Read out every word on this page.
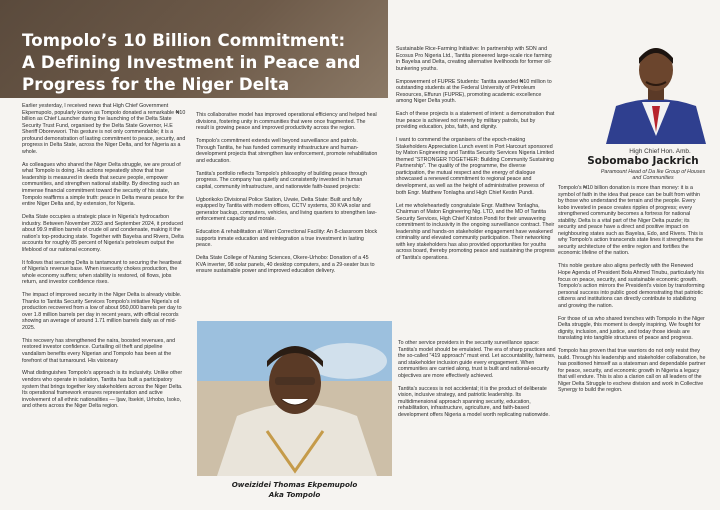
Tompolo’s 10 Billion Commitment:
A Defining Investment in Peace and
Progress for the Niger Delta

Earlier yesterday, I received news that High Chief Government Ekpemupolo, popularly known as Tompolo donated a remarkable ₦10 billion as Chief Launcher during the launching of the Delta State Security Trust Fund, organised by the Delta State Governor, H.E Sheriff Oborevwori. This gesture is not only commendable; it is a profound demonstration of lasting commitment to peace, security, and progress in Delta State, across the Niger Delta, and for Nigeria as a whole.

As colleagues who shared the Niger Delta struggle, we are proud of what Tompolo is doing. His actions repeatedly show that true leadership is measured in deeds that secure people, empower communities, and strengthen national stability. By directing such an immense financial commitment toward the security of his state, Tompolo reaffirms a simple truth: peace in Delta means peace for the entire Niger Delta and, by extension, for Nigeria.

Delta State occupies a strategic place in Nigeria's hydrocarbon industry. Between November 2023 and September 2024, it produced about 99.9 million barrels of crude oil and condensate, making it the nation's top-producing state. Together with Bayelsa and Rivers, Delta accounts for roughly 85 percent of Nigeria's petroleum output the lifeblood of our national economy.

It follows that securing Delta is tantamount to securing the heartbeat of Nigeria's revenue base. When insecurity chokes production, the whole economy suffers; when stability is restored, oil flows, jobs return, and investor confidence rises.

The impact of improved security in the Niger Delta is already visible. Thanks to Tantita Security Services Tompolo's initiative Nigeria's oil production recovered from a low of about 950,000 barrels per day to over 1.8 million barrels per day in recent years, with official records showing an average of around 1.71 million barrels daily as of mid-2025.

This recovery has strengthened the naira, boosted revenues, and restored investor confidence. Curtailing oil theft and pipeline vandalism benefits every Nigerian and Tompolo has been at the forefront of that turnaround. His visionary

What distinguishes Tompolo's approach is its inclusivity. Unlike other vendors who operate in isolation, Tantita has built a participatory system that brings together key stakeholders across the Niger Delta. Its operational framework ensures representation and active involvement of all ethnic nationalities — Ijaw, Itsekiri, Urhobo, Isoko, and others across the Niger Delta region.

This collaborative model has improved operational efficiency and helped heal divisions, fostering unity in communities that were once fragmented. The result is growing peace and improved productivity across the region.

Tompolo's commitment extends well beyond surveillance and patrols. Through Tantita, he has funded community infrastructure and human-development projects that strengthen law enforcement, promote rehabilitation and education.

Tantita's portfolio reflects Tompolo's philosophy of building peace through progress. The company has quietly and consistently invested in human capital, community infrastructure, and nationwide faith-based projects:

Ugborikoko Divisional Police Station, Uvwie, Delta State: Built and fully equipped by Tantita with modern offices, CCTV systems, 30 KVA solar and generator backup, computers, vehicles, and living quarters to strengthen law-enforcement capacity and morale.

Education & rehabilitation at Warri Correctional Facility: An 8-classroom block supports inmate education and reintegration a true investment in lasting peace.

Delta State College of Nursing Sciences, Okere-Urhobo: Donation of a 45 KVA inverter, 98 solar panels, 40 desktop computers, and a 29-seater bus to ensure sustainable power and improved education delivery.

Oweizidei Thomas Ekpemupolo
Aka Tompolo

Sustainable Rice-Farming Initiative: In partnership with SDN and Ecosus Pro Nigeria Ltd., Tantita pioneered large-scale rice farming in Bayelsa and Delta, creating alternative livelihoods for former oil-bunkering youths.

Empowerment of FUPRE Students: Tantita awarded ₦10 million to outstanding students at the Federal University of Petroleum Resources, Effurun (FUPRE), promoting academic excellence among Niger Delta youth.

Each of these projects is a statement of intent: a demonstration that true peace is achieved not merely by military patrols, but by providing education, jobs, faith, and dignity.

I want to commend the organisers of the epoch-making Stakeholders Appreciation Lunch event in Port Harcourt sponsored by Maton Engineering and Tantita Security Services Nigeria Limited themed “STRONGER TOGETHER: Building Community Sustaining Partnership”. The quality of the programme, the diverse participation, the mutual respect and the energy of dialogue showcased a renewed commitment to regional peace and development, as well as the height of administrative prowess of both Engr. Matthew Tonlagha and High Chief Kestin Pundi.

Let me wholeheartedly congratulate Engr. Matthew Tonlagha, Chairman of Maton Engineering Nig. LTD, and the MD of Tantita Security Services, High Chief Kirston Pondi for their unwavering commitment to inclusivity in the ongoing surveillance contract. Their leadership and hands-on stakeholder engagement have weakened criminality and elevated community participation. Their networking with key stakeholders has also provided opportunities for youths across board, thereby promoting peace and sustaining the progress of Tantita's operations.

To other service providers in the security surveillance space: Tantita's model should be emulated. The era of sharp practices and the so-called "419 approach" must end. Let accountability, fairness, and stakeholder inclusion guide every engagement. When communities are carried along, trust is built and national-security objectives are more effectively achieved.

Tantita's success is not accidental; it is the product of deliberate vision, inclusive strategy, and patriotic leadership. Its multidimensional approach spanning security, education, rehabilitation, infrastructure, agriculture, and faith-based development offers Nigeria a model worth replicating nationwide.

High Chief Hon. Amb.
Sobomabo Jackrich
Paramount Head of Da Ike Group of Houses
and Communities

Tompolo's ₦10 billion donation is more than money: it is a symbol of faith in the idea that peace can be built from within by those who understand the terrain and the people. Every kobo invested in peace creates ripples of progress; every strengthened community becomes a fortress for national stability. Delta is a vital part of the Niger Delta puzzle; its security and peace have a direct and positive impact on neighbouring states such as Bayelsa, Edo, and Rivers. This is why Tompolo's action transcends state lines it strengthens the security architecture of the entire region and fortifies the economic lifeline of the nation.

This noble gesture also aligns perfectly with the Renewed Hope Agenda of President Bola Ahmed Tinubu, particularly his focus on peace, security, and sustainable economic growth. Tompolo's action mirrors the President's vision by transforming personal success into public good demonstrating that patriotic citizens and institutions can directly contribute to stabilizing and growing the nation.

For those of us who shared trenches with Tompolo in the Niger Delta struggle, this moment is deeply inspiring. We fought for dignity, inclusion, and justice, and today those ideals are translating into tangible structures of peace and progress.

Tompolo has proven that true warriors do not only resist they build. Through his leadership and stakeholder collaboration, he has positioned himself as a statesman and dependable partner for peace, security, and economic growth in Nigeria a legacy that will endure. This is also a clarion call on all leaders of the Niger Delta Struggle to eschew division and work in Collective Synergy to build the region.
